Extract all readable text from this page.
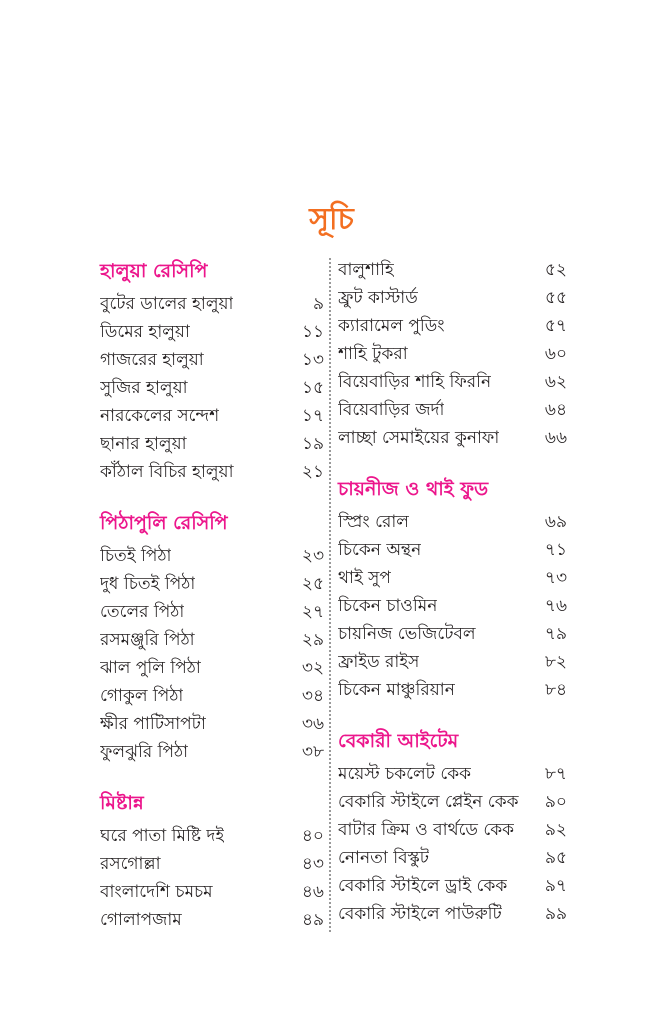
সূচি
হালুয়া রেসিপি
বুটের ডালের হালুয়া	৯
ডিমের হালুয়া	১১
গাজরের হালুয়া	১৩
সুজির হালুয়া	১৫
নারকেলের সন্দেশ	১৭
ছানার হালুয়া	১৯
কাঁঠাল বিচির হালুয়া	২১
পিঠাপুলি রেসিপি
চিতই পিঠা	২৩
দুধ চিতই পিঠা	২৫
তেলের পিঠা	২৭
রসমঞ্জুরি পিঠা	২৯
ঝাল পুলি পিঠা	৩২
গোকুল পিঠা	৩৪
ক্ষীর পাটিসাপটা	৩৬
ফুলঝুরি পিঠা	৩৮
মিষ্টান্ন
ঘরে পাতা মিষ্টি দই	৪০
রসগোল্লা	৪৩
বাংলাদেশি চমচম	৪৬
গোলাপজাম	৪৯
বালুশাহি	৫২
ফ্রুট কাস্টার্ড	৫৫
ক্যারামেল পুডিং	৫৭
শাহি টুকরা	৬০
বিয়েবাড়ির শাহি ফিরনি	৬২
বিয়েবাড়ির জর্দা	৬৪
লাচ্ছা সেমাইয়ের কুনাফা	৬৬
চায়নীজ ও থাই ফুড
স্প্রিং রোল	৬৯
চিকেন অন্থন	৭১
থাই সুপ	৭৩
চিকেন চাওমিন	৭৬
চায়নিজ ভেজিটেবল	৭৯
ফ্রাইড রাইস	৮২
চিকেন মাঞ্চুরিয়ান	৮৪
বেকারী আইটেম
ময়েস্ট চকলেট কেক	৮৭
বেকারি স্টাইলে প্লেইন কেক ৯০
বাটার ক্রিম ও বার্থডে কেক ৯২
নোনতা বিস্কুট	৯৫
বেকারি স্টাইলে ড্রাই কেক ৯৭
বেকারি স্টাইলে পাউরুটি	৯৯
